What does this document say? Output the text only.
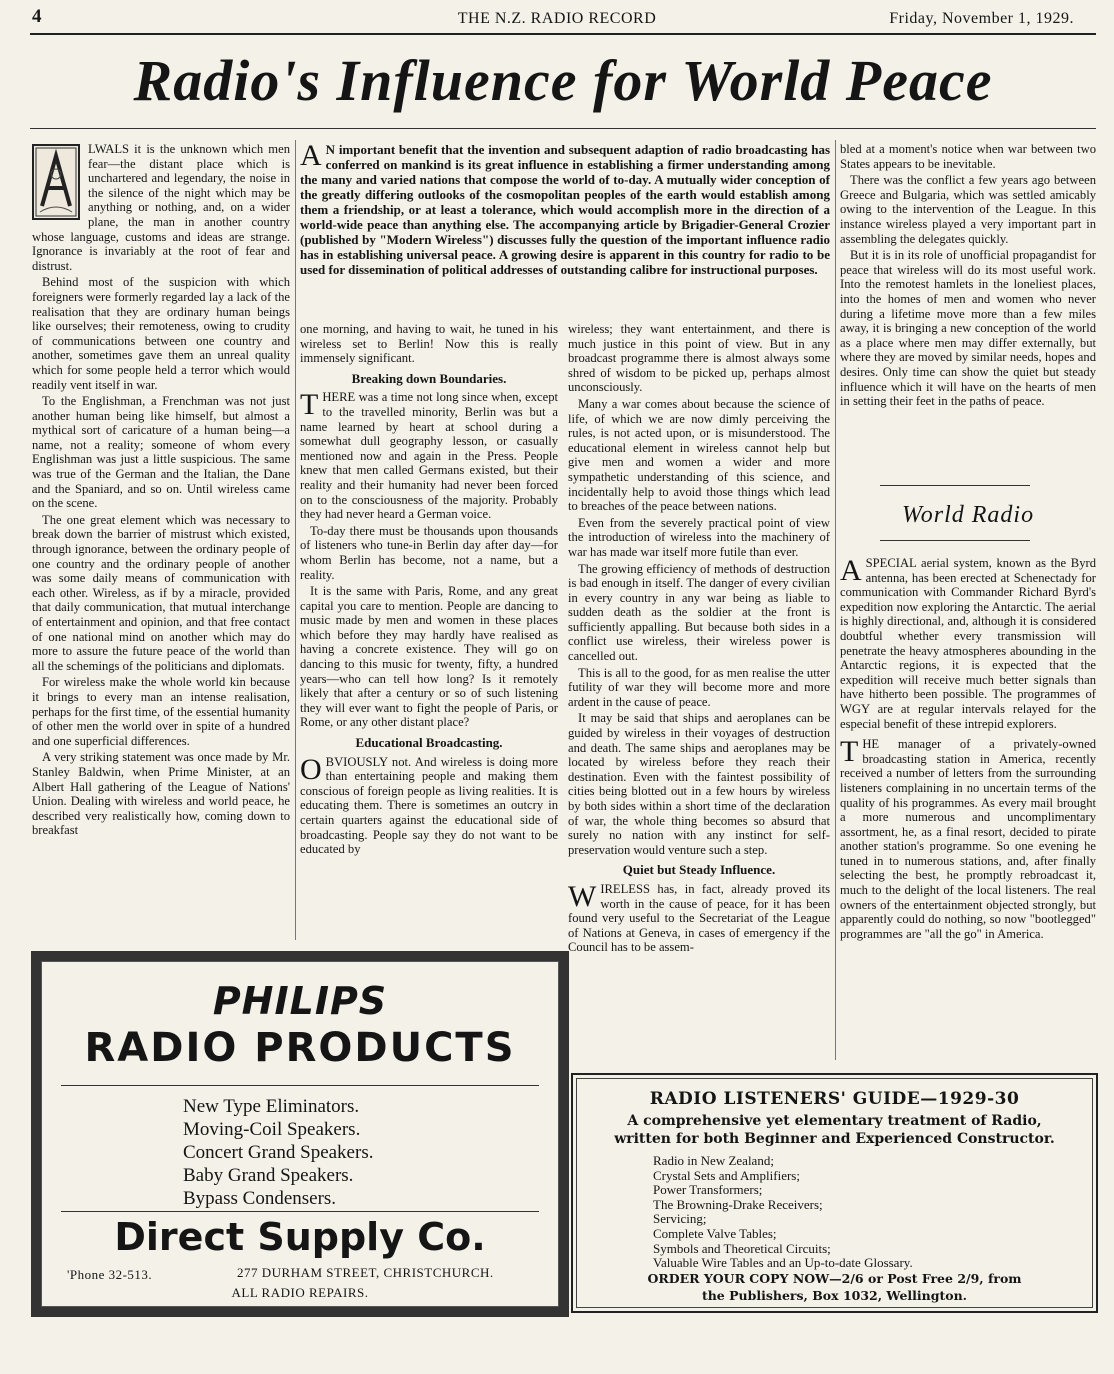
4	THE N.Z. RADIO RECORD	Friday, November 1, 1929.
Radio's Influence for World Peace

LWALS it is the unknown which men fear—the distant place which is unchartered and legendary, the noise in the silence of the night which may be anything or nothing, and, on a wider plane, the man in another country whose language, customs and ideas are strange. Ignorance is invariably at the root of fear and distrust.

Behind most of the suspicion with which foreigners were formerly regarded lay a lack of the realisation that they are ordinary human beings like ourselves; their remoteness, owing to crudity of communications between one country and another, sometimes gave them an unreal quality which for some people held a terror which would readily vent itself in war.

To the Englishman, a Frenchman was not just another human being like himself, but almost a mythical sort of caricature of a human being—a name, not a reality; someone of whom every Englishman was just a little suspicious. The same was true of the German and the Italian, the Dane and the Spaniard, and so on. Until wireless came on the scene.

The one great element which was necessary to break down the barrier of mistrust which existed, through ignorance, between the ordinary people of one country and the ordinary people of another was some daily means of communication with each other. Wireless, as if by a miracle, provided that daily communication, that mutual interchange of entertainment and opinion, and that free contact of one national mind on another which may do more to assure the future peace of the world than all the schemings of the politicians and diplomats.

For wireless make the whole world kin because it brings to every man an intense realisation, perhaps for the first time, of the essential humanity of other men the world over in spite of a hundred and one superficial differences.

A very striking statement was once made by Mr. Stanley Baldwin, when Prime Minister, at an Albert Hall gathering of the League of Nations' Union. Dealing with wireless and world peace, he described very realistically how, coming down to breakfast

A N important benefit that the invention and subsequent adaption of radio broadcasting has conferred on mankind is its great influence in establishing a firmer understanding among the many and varied nations that compose the world of to-day. A mutually wider conception of the greatly differing outlooks of the cosmopolitan peoples of the earth would establish among them a friendship, or at least a tolerance, which would accomplish more in the direction of a world-wide peace than anything else. The accompanying article by Brigadier-General Crozier (published by "Modern Wireless") discusses fully the question of the important influence radio has in establishing universal peace. A growing desire is apparent in this country for radio to be used for dissemination of political addresses of outstanding calibre for instructional purposes.

one morning, and having to wait, he tuned in his wireless set to Berlin! Now this is really immensely significant.

Breaking down Boundaries.

T HERE was a time not long since when, except to the travelled minority, Berlin was but a name learned by heart at school during a somewhat dull geography lesson, or casually mentioned now and again in the Press. People knew that men called Germans existed, but their reality and their humanity had never been forced on to the consciousness of the majority. Probably they had never heard a German voice.

To-day there must be thousands upon thousands of listeners who tune-in Berlin day after day—for whom Berlin has become, not a name, but a reality.

It is the same with Paris, Rome, and any great capital you care to mention. People are dancing to music made by men and women in these places which before they may hardly have realised as having a concrete existence. They will go on dancing to this music for twenty, fifty, a hundred years—who can tell how long? Is it remotely likely that after a century or so of such listening they will ever want to fight the people of Paris, or Rome, or any other distant place?

Educational Broadcasting.

O BVIOUSLY not. And wireless is doing more than entertaining people and making them conscious of foreign people as living realities. It is educating them. There is sometimes an outcry in certain quarters against the educational side of broadcasting. People say they do not want to be educated by

wireless; they want entertainment, and there is much justice in this point of view. But in any broadcast programme there is almost always some shred of wisdom to be picked up, perhaps almost unconsciously.

Many a war comes about because the science of life, of which we are now dimly perceiving the rules, is not acted upon, or is misunderstood. The educational element in wireless cannot help but give men and women a wider and more sympathetic understanding of this science, and incidentally help to avoid those things which lead to breaches of the peace between nations.

Even from the severely practical point of view the introduction of wireless into the machinery of war has made war itself more futile than ever.

The growing efficiency of methods of destruction is bad enough in itself. The danger of every civilian in every country in any war being as liable to sudden death as the soldier at the front is sufficiently appalling. But because both sides in a conflict use wireless, their wireless power is cancelled out.

This is all to the good, for as men realise the utter futility of war they will become more and more ardent in the cause of peace.

It may be said that ships and aeroplanes can be guided by wireless in their voyages of destruction and death. The same ships and aeroplanes may be located by wireless before they reach their destination. Even with the faintest possibility of cities being blotted out in a few hours by wireless by both sides within a short time of the declaration of war, the whole thing becomes so absurd that surely no nation with any instinct for self-preservation would venture such a step.

Quiet but Steady Influence.

W IRELESS has, in fact, already proved its worth in the cause of peace, for it has been found very useful to the Secretariat of the League of Nations at Geneva, in cases of emergency if the Council has to be assem-

bled at a moment's notice when war between two States appears to be inevitable.

There was the conflict a few years ago between Greece and Bulgaria, which was settled amicably owing to the intervention of the League. In this instance wireless played a very important part in assembling the delegates quickly.

But it is in its role of unofficial propagandist for peace that wireless will do its most useful work. Into the remotest hamlets in the loneliest places, into the homes of men and women who never during a lifetime move more than a few miles away, it is bringing a new conception of the world as a place where men may differ externally, but where they are moved by similar needs, hopes and desires. Only time can show the quiet but steady influence which it will have on the hearts of men in setting their feet in the paths of peace.

World Radio

A SPECIAL aerial system, known as the Byrd antenna, has been erected at Schenectady for communication with Commander Richard Byrd's expedition now exploring the Antarctic. The aerial is highly directional, and, although it is considered doubtful whether every transmission will penetrate the heavy atmospheres abounding in the Antarctic regions, it is expected that the expedition will receive much better signals than have hitherto been possible. The programmes of WGY are at regular intervals relayed for the especial benefit of these intrepid explorers.

T HE manager of a privately-owned broadcasting station in America, recently received a number of letters from the surrounding listeners complaining in no uncertain terms of the quality of his programmes. As every mail brought a more numerous and uncomplimentary assortment, he, as a final resort, decided to pirate another station's programme. So one evening he tuned in to numerous stations, and, after finally selecting the best, he promptly rebroadcast it, much to the delight of the local listeners. The real owners of the entertainment objected strongly, but apparently could do nothing, so now "bootlegged" programmes are "all the go" in America.

PHILIPS
RADIO PRODUCTS
New Type Eliminators.
Moving-Coil Speakers.
Concert Grand Speakers.
Baby Grand Speakers.
Bypass Condensers.
Direct Supply Co.
'Phone 32-513.	277 DURHAM STREET, CHRISTCHURCH.
ALL RADIO REPAIRS.
RADIO LISTENERS' GUIDE—1929-30
A comprehensive yet elementary treatment of Radio,
written for both Beginner and Experienced Constructor.
Radio in New Zealand;
Crystal Sets and Amplifiers;
Power Transformers;
The Browning-Drake Receivers;
Servicing;
Complete Valve Tables;
Symbols and Theoretical Circuits;
Valuable Wire Tables and an Up-to-date Glossary.
ORDER YOUR COPY NOW—2/6 or Post Free 2/9, from
the Publishers, Box 1032, Wellington.
